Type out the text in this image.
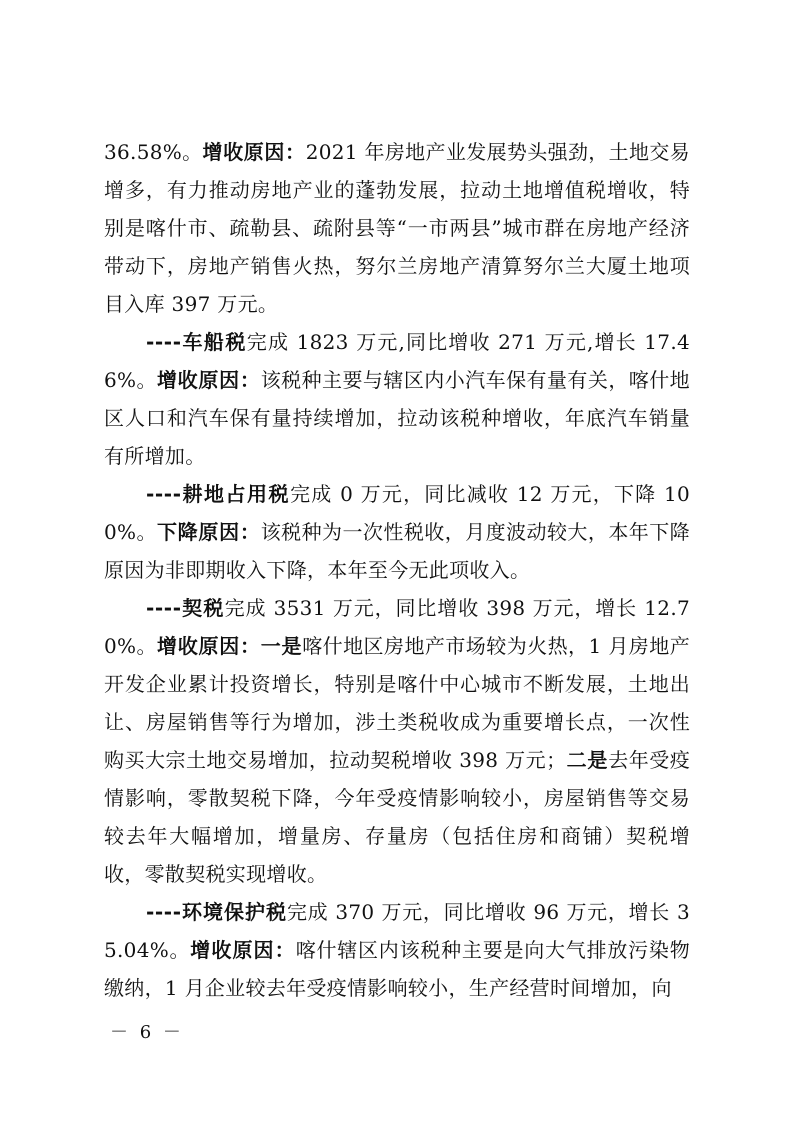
36.58%。增收原因：2021 年房地产业发展势头强劲，土地交易增多，有力推动房地产业的蓬勃发展，拉动土地增值税增收，特别是喀什市、疏勒县、疏附县等“一市两县”城市群在房地产经济带动下，房地产销售火热，努尔兰房地产清算努尔兰大厦土地项目入库 397 万元。

----车船税完成 1823 万元,同比增收 271 万元,增长 17.46%。增收原因：该税种主要与辖区内小汽车保有量有关，喀什地区人口和汽车保有量持续增加，拉动该税种增收，年底汽车销量有所增加。

----耕地占用税完成 0 万元，同比减收 12 万元，下降 100%。下降原因：该税种为一次性税收，月度波动较大，本年下降原因为非即期收入下降，本年至今无此项收入。

----契税完成 3531 万元，同比增收 398 万元，增长 12.70%。增收原因：一是喀什地区房地产市场较为火热，1 月房地产开发企业累计投资增长，特别是喀什中心城市不断发展，土地出让、房屋销售等行为增加，涉土类税收成为重要增长点，一次性购买大宗土地交易增加，拉动契税增收 398 万元；二是去年受疫情影响，零散契税下降，今年受疫情影响较小，房屋销售等交易较去年大幅增加，增量房、存量房（包括住房和商铺）契税增收，零散契税实现增收。

----环境保护税完成 370 万元，同比增收 96 万元，增长 35.04%。增收原因：喀什辖区内该税种主要是向大气排放污染物缴纳，1 月企业较去年受疫情影响较小，生产经营时间增加，向

－ 6 －
